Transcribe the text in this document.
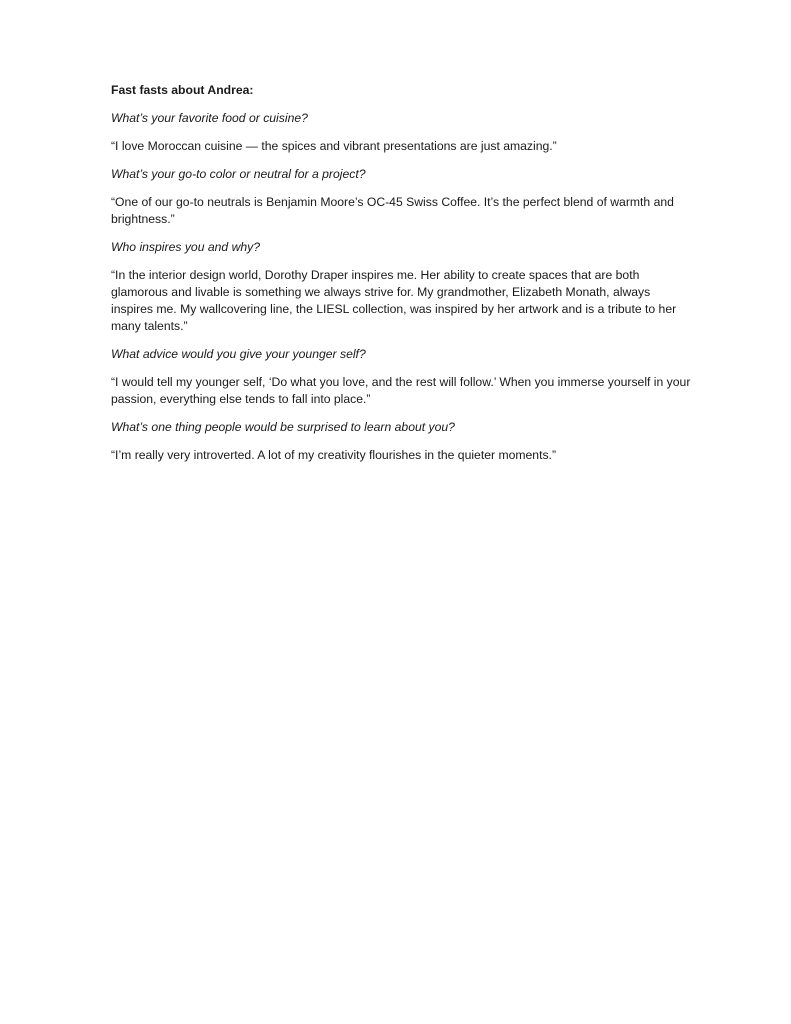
Fast fasts about Andrea:

What’s your favorite food or cuisine?

“I love Moroccan cuisine — the spices and vibrant presentations are just amazing.”

What’s your go-to color or neutral for a project?

“One of our go-to neutrals is Benjamin Moore’s OC-45 Swiss Coffee. It’s the perfect blend of warmth and brightness.”

Who inspires you and why?

“In the interior design world, Dorothy Draper inspires me. Her ability to create spaces that are both glamorous and livable is something we always strive for. My grandmother, Elizabeth Monath, always inspires me. My wallcovering line, the LIESL collection, was inspired by her artwork and is a tribute to her many talents.”

What advice would you give your younger self?

“I would tell my younger self, ‘Do what you love, and the rest will follow.’ When you immerse yourself in your passion, everything else tends to fall into place.”

What’s one thing people would be surprised to learn about you?

“I’m really very introverted. A lot of my creativity flourishes in the quieter moments.”
